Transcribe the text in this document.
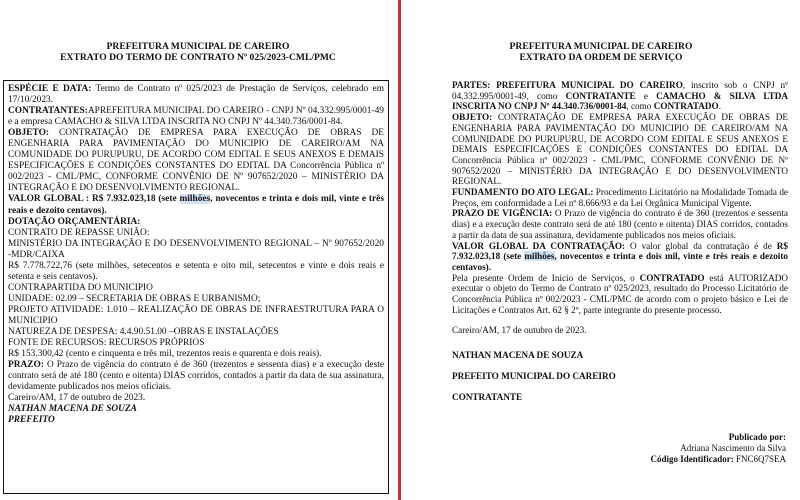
PREFEITURA MUNICIPAL DE CAREIRO
EXTRATO DO TERMO DE CONTRATO Nº 025/2023-CML/PMC

ESPÉCIE E DATA: Termo de Contrato nº 025/2023 de Prestação de Serviços, celebrado em 17/10/2023.

CONTRATANTES:APREFEITURA MUNICIPAL DO CAREIRO - CNPJ Nº 04.332.995/0001-49 e a empresa CAMACHO & SILVA LTDA INSCRITA NO CNPJ Nº 44.340.736/0001-84.

OBJETO: CONTRATAÇÃO DE EMPRESA PARA EXECUÇÃO DE OBRAS DE ENGENHARIA PARA PAVIMENTAÇÃO DO MUNICIPIO DE CAREIRO/AM NA COMUNIDADE DO PURUPURU, DE ACORDO COM EDITAL E SEUS ANEXOS E DEMAIS ESPECIFICAÇÕES E CONDIÇÕES CONSTANTES DO EDITAL DA Concorrência Pública nº 002/2023 - CML/PMC, CONFORME CONVÊNIO DE Nº 907652/2020 – MINISTÉRIO DA INTEGRAÇÃO E DO DESENVOLVIMENTO REGIONAL.

VALOR GLOBAL : R$ 7.932.023,18 (sete milhões, novecentos e trinta e dois mil, vinte e três reais e dezoito centavos).

DOTAÇÃO ORÇAMENTÁRIA:

CONTRATO DE REPASSE UNIÃO:

MINISTÉRIO DA INTEGRAÇÃO E DO DESENVOLVIMENTO REGIONAL – Nº 907652/2020 -MDR/CAIXA

R$ 7.778.722,76 (sete milhões, setecentos e setenta e oito mil, setecentos e vinte e dois reais e setenta e seis centavos).

CONTRAPARTIDA DO MUNICIPIO

UNIDADE: 02.09 – SECRETARIA DE OBRAS E URBANISMO;

PROJETO ATIVIDADE: 1.010 – REALIZAÇÃO DE OBRAS DE INFRAESTRUTURA PARA O MUNICIPIO

NATUREZA DE DESPESA: 4.4.90.51.00 –OBRAS E INSTALAÇÕES

FONTE DE RECURSOS: RECURSOS PRÓPRIOS

R$ 153.300,42 (cento e cinquenta e três mil, trezentos reais e quarenta e dois reais).

PRAZO: O Prazo de vigência do contrato é de 360 (trezentos e sessenta dias) e a execução deste contrato será de até 180 (cento e oitenta) DIAS corridos, contados a partir da data de sua assinatura, devidamente publicados nos meios oficiais.

Careiro/AM, 17 de outubro de 2023.

NATHAN MACENA DE SOUZA

PREFEITO

PREFEITURA MUNICIPAL DE CAREIRO
EXTRATO DA ORDEM DE SERVIÇO

PARTES: PREFEITURA MUNICIPAL DO CAREIRO, inscrito sob o CNPJ nº 04.332.995/0001-49, como CONTRATANTE e CAMACHO & SILVA LTDA INSCRITA NO CNPJ Nº 44.340.736/0001-84, como CONTRATADO.

OBJETO: CONTRATAÇÃO DE EMPRESA PARA EXECUÇÃO DE OBRAS DE ENGENHARIA PARA PAVIMENTAÇÃO DO MUNICIPIO DE CAREIRO/AM NA COMUNIDADE DO PURUPURU, DE ACORDO COM EDITAL E SEUS ANEXOS E DEMAIS ESPECIFICAÇÕES E CONDIÇÕES CONSTANTES DO EDITAL DA Concorrência Pública nº 002/2023 - CML/PMC, CONFORME CONVÊNIO DE Nº 907652/2020 – MINISTÉRIO DA INTEGRAÇÃO E DO DESENVOLVIMENTO REGIONAL.

FUNDAMENTO DO ATO LEGAL: Procedimento Licitatório na Modalidade Tomada de Preços, em conformidade a Lei nº 8.666/93 e da Lei Orgânica Municipal Vigente.

PRAZO DE VIGÊNCIA: O Prazo de vigência do contrato é de 360 (trezentos e sessenta dias) e a execução deste contrato será de até 180 (cento e oitenta) DIAS corridos, contados a partir da data de sua assinatura, devidamente publicados nos meios oficiais.

VALOR GLOBAL DA CONTRATAÇÃO: O valor global da contratação é de R$ 7.932.023,18 (sete milhões, novecentos e trinta e dois mil, vinte e três reais e dezoito centavos).

Pela presente Ordem de Início de Serviços, o CONTRATADO está AUTORIZADO executar o objeto do Termo de Contrato nº 025/2023, resultado do Processo Licitatório de Concorrência Pública nº 002/2023 - CML/PMC de acordo com o projeto básico e Lei de Licitações e Contratos Art. 62 § 2º, parte integrante do presente processo.

Careiro/AM, 17 de outubro de 2023.

NATHAN MACENA DE SOUZA

PREFEITO MUNICIPAL DO CAREIRO

CONTRATANTE

Publicado por:
Adriana Nascimento da Silva
Código Identificador: FNC6Q7SEA
